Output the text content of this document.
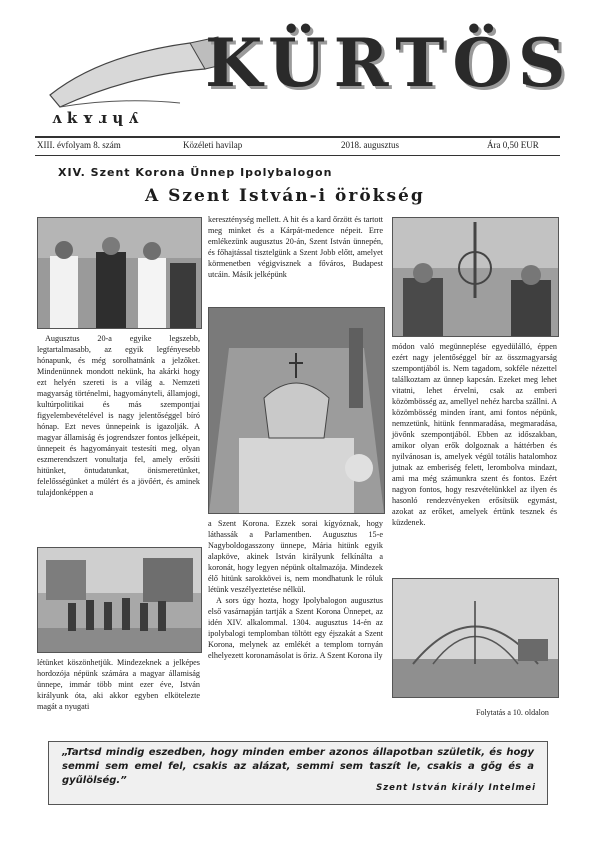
ʌ k ʏ ɹ ɥ ʎ
KÜRTÖS
XIII. évfolyam 8. szám	Közéleti havilap	2018. augusztus	Ára 0,50 EUR
XIV. Szent Korona Ünnep Ipolybalogon
A Szent István-i örökség

Augusztus 20-a egyike legszebb, legtartalmasabb, az egyik legfényesebb hónapunk, és még sorolhatnánk a jelzőket. Mindenünnek mondott nekünk, ha akárki hogy ezt helyén szereti is a világ a. Nemzeti magyarság történelmi, hagyományteli, államjogi, kultúrpolitikai és más szempontjai figyelembevételével is nagy jelentőséggel bíró hónap. Ezt neves ünnepeink is igazolják. A magyar államiság és jogrendszer fontos jelképeit, ünnepeit és hagyományait testesíti meg, olyan eszmerendszert vonultatja fel, amely erősíti hitünket, öntudatunkat, önismeretünket, felelősségünket a múlért és a jövőért, és aminek tulajdonképpen a

létünket köszönhetjük. Mindezeknek a jelképes hordozója népünk számára a magyar államiság ünnepe, immár több mint ezer éve, István királyunk óta, aki akkor egyben elkötelezte magát a nyugati

kereszténység mellett. A hit és a kard őrzött és tartott meg minket és a Kárpát-medence népeit. Erre emlékezünk augusztus 20-án, Szent István ünnepén, és főhajtással tisztelgünk a Szent Jobb előtt, amelyet körmenetben végigvisznek a főváros, Budapest utcáin. Másik jelképünk

a Szent Korona. Ezzek sorai kígyóznak, hogy láthassák a Parlamentben. Augusztus 15-e Nagyboldogasszony ünnepe, Mária hitünk egyik alapköve, akinek István királyunk felkínálta a koronát, hogy legyen népünk oltalmazója. Mindezek élő hitünk sarokkövei is, nem mondhatunk le róluk létünk veszélyeztetése nélkül.

A sors úgy hozta, hogy Ipolybalogon augusztus első vasárnapján tartják a Szent Korona Ünnepet, az idén XIV. alkalommal. 1304. augusztus 14-én az ipolybalogi templomban töltött egy éjszakát a Szent Korona, melynek az emlékét a templom tornyán elhelyezett koronamásolat is őriz. A Szent Korona ily

módon való megünneplése egyedülálló, éppen ezért nagy jelentőséggel bír az összmagyarság szempontjából is. Nem tagadom, sokféle nézettel találkoztam az ünnep kapcsán. Ezeket meg lehet vitatni, lehet érvelni, csak az emberi közömbösség az, amellyel nehéz harcba szállni. A közömbösség minden írant, ami fontos népünk, nemzetünk, hitünk fennmaradása, megmaradása, jövőnk szempontjából. Ebben az időszakban, amikor olyan erők dolgoznak a háttérben és nyilvánosan is, amelyek végül totális hatalomhoz jutnak az emberiség felett, lerombolva mindazt, ami ma még számunkra szent és fontos. Ezért nagyon fontos, hogy reszvételünkkel az ilyen és hasonló rendezvényeken erősítsük egymást, azokat az erőket, amelyek értünk tesznek és küzdenek.

Folytatás a 10. oldalon
„Tartsd mindig eszedben, hogy minden ember azonos állapotban születik, és hogy semmi sem emel fel, csakis az alázat, semmi sem taszít le, csakis a gőg és a gyűlölség.”
Szent István király Intelmei
